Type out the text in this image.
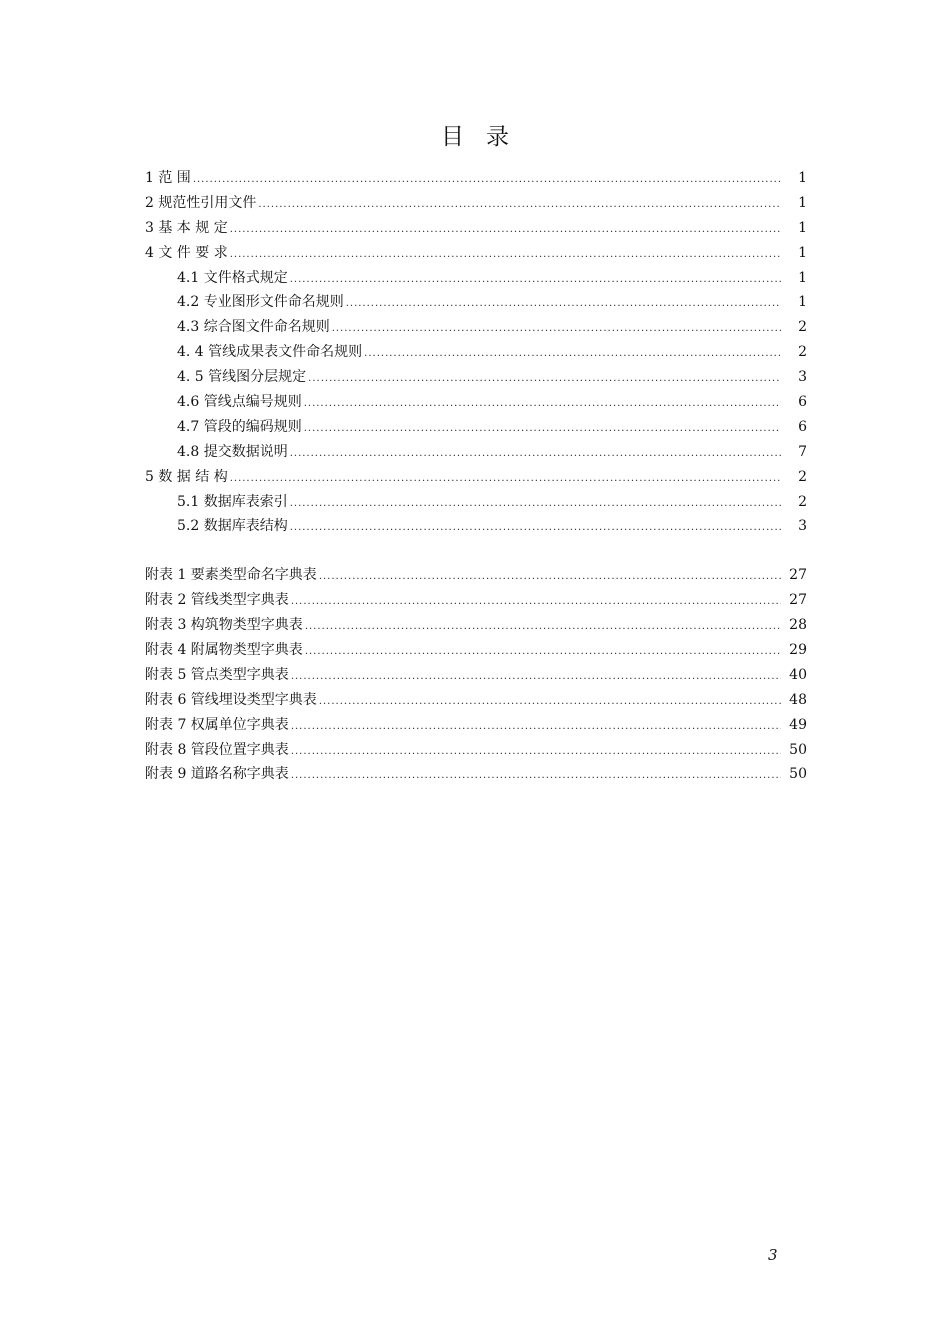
目录
1 范 围 .....	1
2 规范性引用文件 .....	1
3 基 本 规 定 .....	1
4 文 件 要 求 .....	1
4.1 文件格式规定 .....	1
4.2 专业图形文件命名规则 .....	1
4.3 综合图文件命名规则 .....	2
4. 4 管线成果表文件命名规则 .....	2
4. 5 管线图分层规定 .....	3
4.6 管线点编号规则 .....	6
4.7 管段的编码规则 .....	6
4.8 提交数据说明 .....	7
5 数 据 结 构 .....	2
5.1 数据库表索引 .....	2
5.2 数据库表结构 .....	3
附表 1 要素类型命名字典表 .....	27
附表 2 管线类型字典表 .....	27
附表 3 构筑物类型字典表 .....	28
附表 4 附属物类型字典表 .....	29
附表 5 管点类型字典表 .....	40
附表 6 管线埋设类型字典表 .....	48
附表 7 权属单位字典表 .....	49
附表 8 管段位置字典表 .....	50
附表 9 道路名称字典表 .....	50
3
